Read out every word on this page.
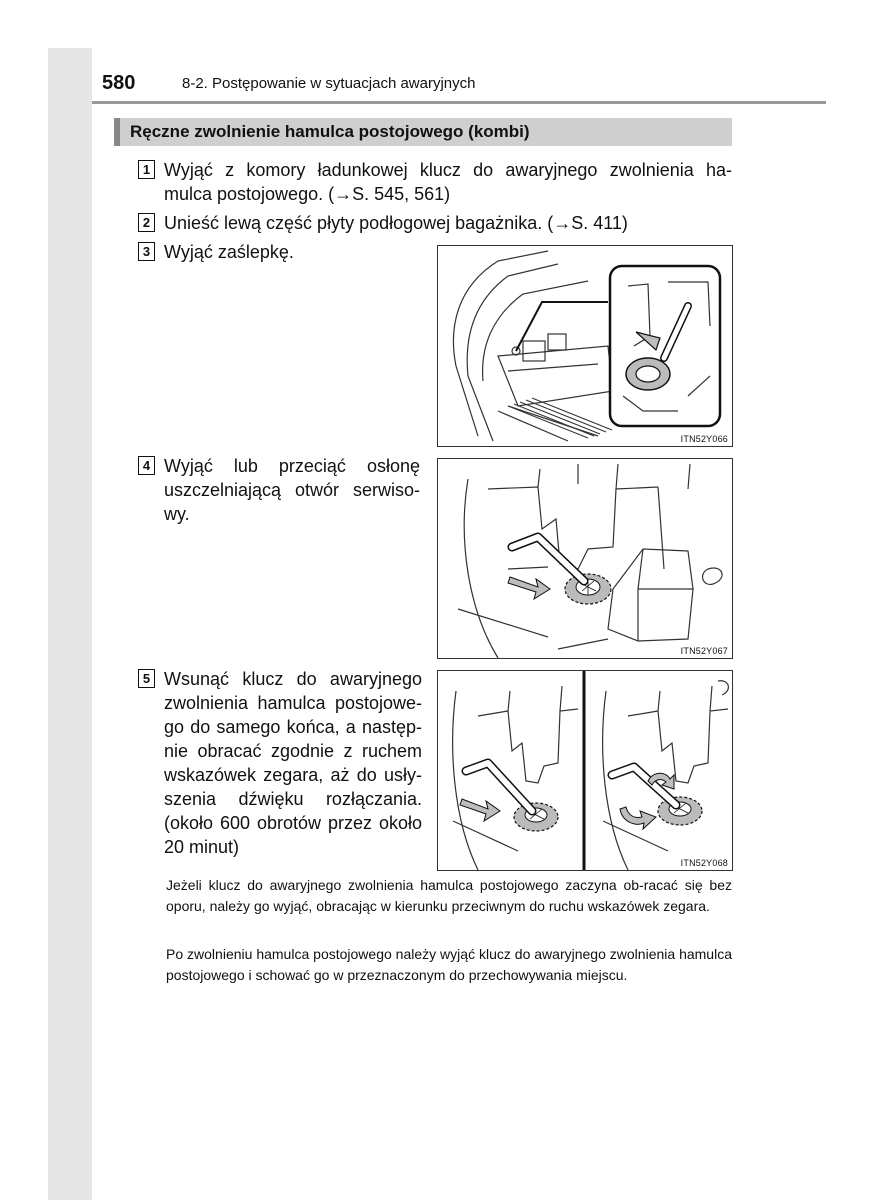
580	8-2. Postępowanie w sytuacjach awaryjnych
Ręczne zwolnienie hamulca postojowego (kombi)
1 Wyjąć z komory ładunkowej klucz do awaryjnego zwolnienia ha-
mulca postojowego. (→S. 545, 561)
2 Unieść lewą część płyty podłogowej bagażnika. (→S. 411)
3 Wyjąć zaślepkę.
ITN52Y066
4 Wyjąć lub przeciąć osłonę
uszczelniającą otwór serwiso-
wy.
ITN52Y067
5 Wsunąć klucz do awaryjnego
zwolnienia hamulca postojowe-
go do samego końca, a następ-
nie obracać zgodnie z ruchem
wskazówek zegara, aż do usły-
szenia dźwięku rozłączania.
(około 600 obrotów przez około
20 minut)
ITN52Y068
Jeżeli klucz do awaryjnego zwolnienia hamulca postojowego zaczyna ob-racać się bez oporu, należy go wyjąć, obracając w kierunku przeciwnym do ruchu wskazówek zegara.
Po zwolnieniu hamulca postojowego należy wyjąć klucz do awaryjnego zwolnienia hamulca postojowego i schować go w przeznaczonym do przechowywania miejscu.
